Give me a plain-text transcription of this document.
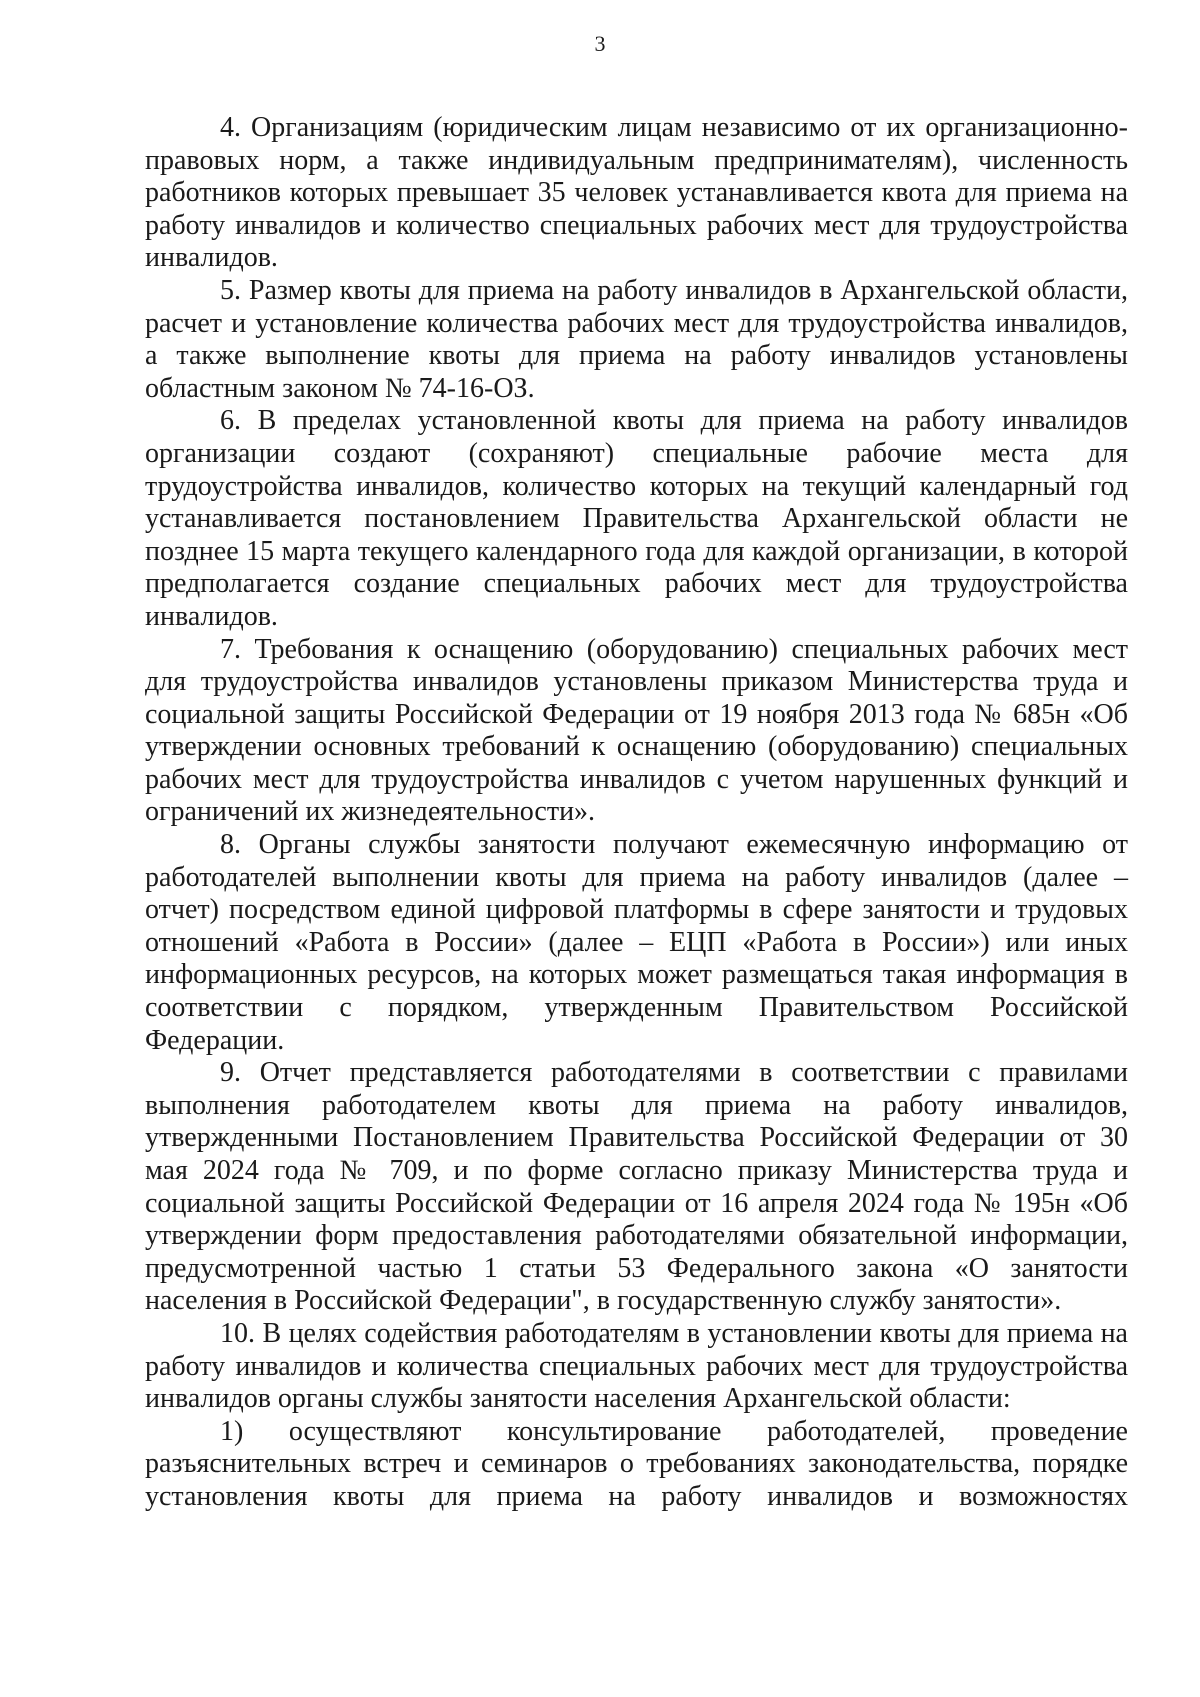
3

4. Организациям (юридическим лицам независимо от их организационно-правовых норм, а также индивидуальным предпринимателям), численность работников которых превышает 35 человек устанавливается квота для приема на работу инвалидов и количество специальных рабочих мест для трудоустройства инвалидов.

5. Размер квоты для приема на работу инвалидов в Архангельской области, расчет и установление количества рабочих мест для трудоустройства инвалидов, а также выполнение квоты для приема на работу инвалидов установлены областным законом № 74-16-ОЗ.

6. В пределах установленной квоты для приема на работу инвалидов организации создают (сохраняют) специальные рабочие места для трудоустройства инвалидов, количество которых на текущий календарный год устанавливается постановлением Правительства Архангельской области не позднее 15 марта текущего календарного года для каждой организации, в которой предполагается создание специальных рабочих мест для трудоустройства инвалидов.

7. Требования к оснащению (оборудованию) специальных рабочих мест для трудоустройства инвалидов установлены приказом Министерства труда и социальной защиты Российской Федерации от 19 ноября 2013 года № 685н «Об утверждении основных требований к оснащению (оборудованию) специальных рабочих мест для трудоустройства инвалидов с учетом нарушенных функций и ограничений их жизнедеятельности».

8. Органы службы занятости получают ежемесячную информацию от работодателей выполнении квоты для приема на работу инвалидов (далее – отчет) посредством единой цифровой платформы в сфере занятости и трудовых отношений «Работа в России» (далее – ЕЦП «Работа в России») или иных информационных ресурсов, на которых может размещаться такая информация в соответствии с порядком, утвержденным Правительством Российской Федерации.

9. Отчет представляется работодателями в соответствии с правилами выполнения работодателем квоты для приема на работу инвалидов, утвержденными Постановлением Правительства Российской Федерации от 30 мая 2024 года № 709, и по форме согласно приказу Министерства труда и социальной защиты Российской Федерации от 16 апреля 2024 года № 195н «Об утверждении форм предоставления работодателями обязательной информации, предусмотренной частью 1 статьи 53 Федерального закона «О занятости населения в Российской Федерации", в государственную службу занятости».

10. В целях содействия работодателям в установлении квоты для приема на работу инвалидов и количества специальных рабочих мест для трудоустройства инвалидов органы службы занятости населения Архангельской области:

1) осуществляют консультирование работодателей, проведение разъяснительных встреч и семинаров о требованиях законодательства, порядке установления квоты для приема на работу инвалидов и возможностях
